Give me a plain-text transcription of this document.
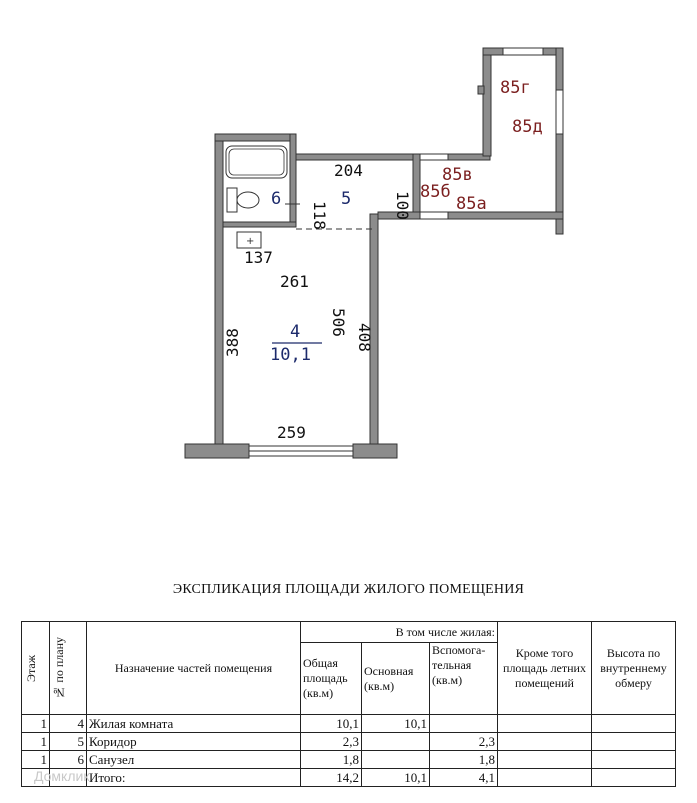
+
204
118	100
137
261
506
408
388
259
6	5
4
10,1
85г
85д
85в
85б
85а
ЭКСПЛИКАЦИЯ ПЛОЩАДИ ЖИЛОГО ПОМЕЩЕНИЯ
Этаж	№ по плану	Назначение частей помещения	В том числе жилая:			Кроме того площадь летних помещений	Высота по внутреннему обмеру
			Общая площадь (кв.м)	Основная (кв.м)	Вспомога-тельная (кв.м)		
1	4	Жилая комната	10,1	10,1			
1	5	Коридор	2,3		2,3		
1	6	Санузел	1,8		1,8		
		Итого:	14,2	10,1	4,1		
Домклик
